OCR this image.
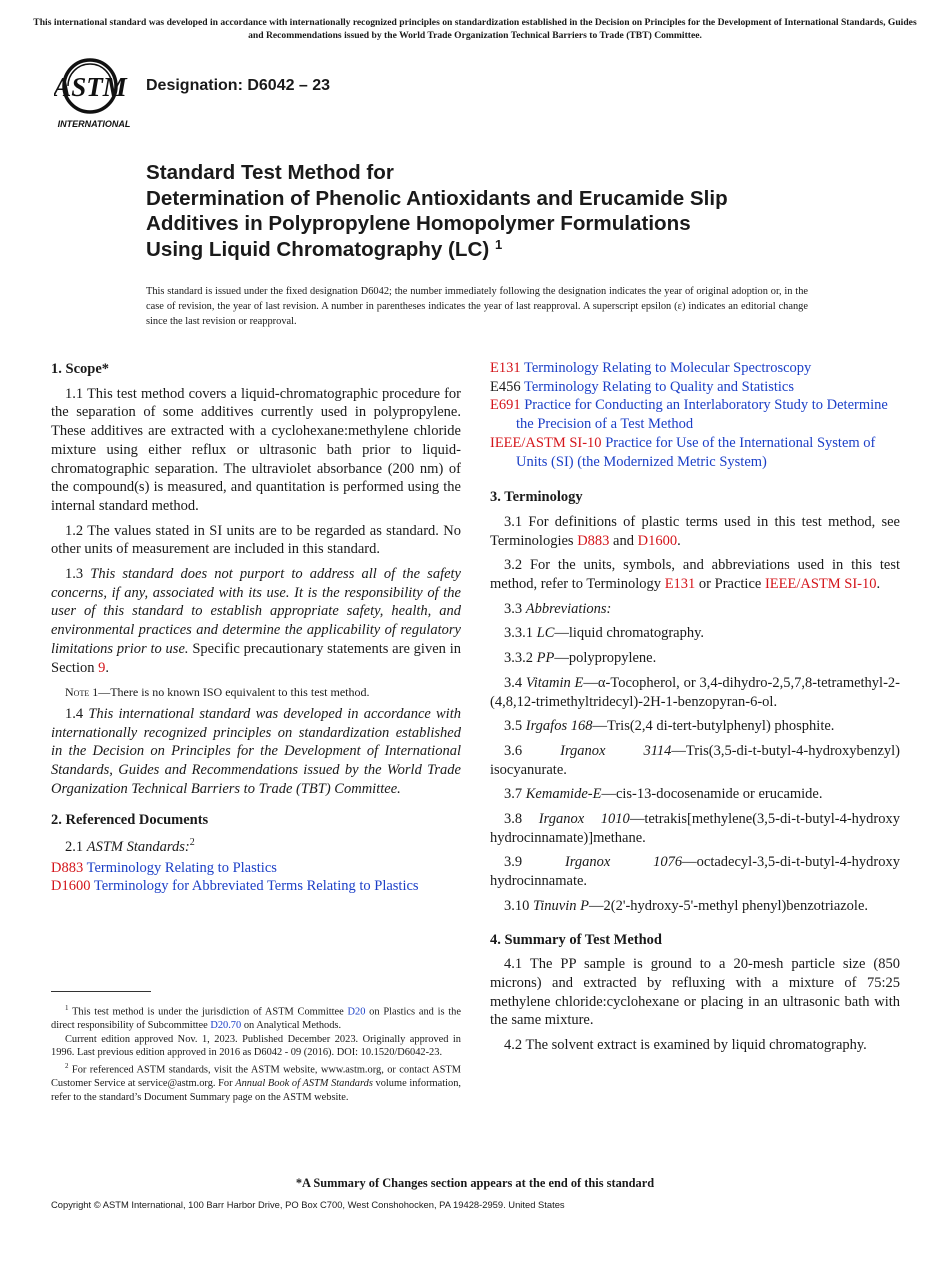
This international standard was developed in accordance with internationally recognized principles on standardization established in the Decision on Principles for the Development of International Standards, Guides and Recommendations issued by the World Trade Organization Technical Barriers to Trade (TBT) Committee.
ASTM
INTERNATIONAL
Designation: D6042 – 23
Standard Test Method for
Determination of Phenolic Antioxidants and Erucamide Slip
Additives in Polypropylene Homopolymer Formulations
Using Liquid Chromatography (LC) $^1$
This standard is issued under the fixed designation D6042; the number immediately following the designation indicates the year of original adoption or, in the case of revision, the year of last revision. A number in parentheses indicates the year of last reapproval. A superscript epsilon (ε) indicates an editorial change since the last revision or reapproval.

1. Scope*

1.1 This test method covers a liquid-chromatographic procedure for the separation of some additives currently used in polypropylene. These additives are extracted with a cyclohexane:methylene chloride mixture using either reflux or ultrasonic bath prior to liquid-chromatographic separation. The ultraviolet absorbance (200 nm) of the compound(s) is measured, and quantitation is performed using the internal standard method.

1.2 The values stated in SI units are to be regarded as standard. No other units of measurement are included in this standard.

1.3 This standard does not purport to address all of the safety concerns, if any, associated with its use. It is the responsibility of the user of this standard to establish appropriate safety, health, and environmental practices and determine the applicability of regulatory limitations prior to use. Specific precautionary statements are given in Section 9.

Note 1—There is no known ISO equivalent to this test method.

1.4 This international standard was developed in accordance with internationally recognized principles on standardization established in the Decision on Principles for the Development of International Standards, Guides and Recommendations issued by the World Trade Organization Technical Barriers to Trade (TBT) Committee.

2. Referenced Documents

2.1 ASTM Standards:$^2$

D883 Terminology Relating to Plastics
D1600 Terminology for Abbreviated Terms Relating to Plastics
E131 Terminology Relating to Molecular Spectroscopy
E456 Terminology Relating to Quality and Statistics
E691 Practice for Conducting an Interlaboratory Study to Determine the Precision of a Test Method
IEEE/ASTM SI-10 Practice for Use of the International System of Units (SI) (the Modernized Metric System)

3. Terminology

3.1 For definitions of plastic terms used in this test method, see Terminologies D883 and D1600.

3.2 For the units, symbols, and abbreviations used in this test method, refer to Terminology E131 or Practice IEEE/ASTM SI-10.

3.3 Abbreviations:

3.3.1 LC—liquid chromatography.

3.3.2 PP—polypropylene.

3.4 Vitamin E—α-Tocopherol, or 3,4-dihydro-2,5,7,8-tetramethyl-2-(4,8,12-trimethyltridecyl)-2H-1-benzopyran-6-ol.

3.5 Irgafos 168—Tris(2,4 di-tert-butylphenyl) phosphite.

3.6	Irganox 3114—Tris(3,5-di-t-butyl-4-hydroxybenzyl) isocyanurate.

3.7 Kemamide-E—cis-13-docosenamide or erucamide.

3.8 Irganox 1010—tetrakis[methylene(3,5-di-t-butyl-4-hydroxy hydrocinnamate)]methane.

3.9	Irganox 1076—octadecyl-3,5-di-t-butyl-4-hydroxy hydrocinnamate.

3.10 Tinuvin P—2(2'-hydroxy-5'-methyl phenyl)benzotriazole.

4. Summary of Test Method

4.1 The PP sample is ground to a 20-mesh particle size (850 microns) and extracted by refluxing with a mixture of 75:25 methylene chloride:cyclohexane or placing in an ultrasonic bath with the same mixture.

4.2 The solvent extract is examined by liquid chromatography.

$^1$ This test method is under the jurisdiction of ASTM Committee D20 on Plastics and is the direct responsibility of Subcommittee D20.70 on Analytical Methods.

Current edition approved Nov. 1, 2023. Published December 2023. Originally approved in 1996. Last previous edition approved in 2016 as D6042 - 09 (2016). DOI: 10.1520/D6042-23.

$^2$ For referenced ASTM standards, visit the ASTM website, www.astm.org, or contact ASTM Customer Service at service@astm.org. For Annual Book of ASTM Standards volume information, refer to the standard’s Document Summary page on the ASTM website.

*A Summary of Changes section appears at the end of this standard
Copyright © ASTM International, 100 Barr Harbor Drive, PO Box C700, West Conshohocken, PA 19428-2959. United States
